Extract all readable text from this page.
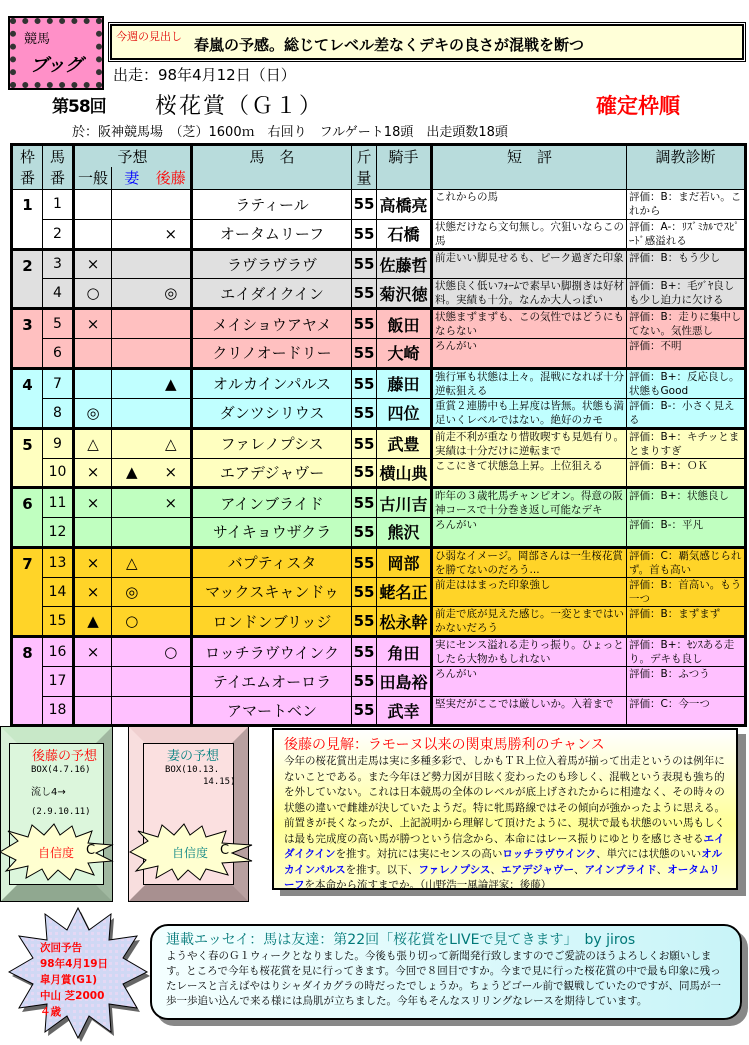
競馬
ブッグ
今週の見出し 春嵐の予感。総じてレベル差なくデキの良さが混戦を断つ
出走：98年4月12日（日）
第58回 桜花賞（Ｇ１）	確定枠順
於：阪神競馬場　（芝）1600ｍ　右回り　フルゲート18頭　出走頭数18頭
枠番	馬番	予想			馬　名	斤量	騎手	短　評	調教診断
		一般	妻	後藤					
1	1				ラティール	55	高橋亮	これからの馬	評価：B：まだ若い。これから
	2			×	オータムリーフ	55	石橋	状態だけなら文句無し。穴狙いならこの馬	評価：A-：ﾘｽﾞﾐｶﾙでｽﾋﾟｰﾄﾞ感溢れる
2	3	×			ラヴラヴラヴ	55	佐藤哲	前走いい脚見せるも、ピーク過ぎた印象	評価：B：もう少し
	4	○		◎	エイダイクイン	55	菊沢徳	状態良く低いﾌｫｰﾑで素早い脚捌きは好材料。実績も十分。なんか大人っぽい	評価：B+：毛ﾂﾞﾔ良しも少し迫力に欠ける
3	5	×			メイショウアヤメ	55	飯田	状態まずまずも、この気性ではどうにもならない	評価：B：走りに集中してない。気性悪し
	6				クリノオードリー	55	大崎	ろんがい	評価：不明
4	7			▲	オルカインパルス	55	藤田	強行軍も状態は上々。混戦になれば十分逆転狙える	評価：B+：反応良し。状態もGood
	8	◎			ダンツシリウス	55	四位	重賞２連勝中も上昇度は皆無。状態も満足いくレベルではない。絶好のカモ	評価：B-：小さく見える
5	9	△		△	ファレノプシス	55	武豊	前走不利が重なり惜敗喫すも見処有り。実績は十分だけに逆転まで	評価：B+：キチッとまとまりすぎ
	10	×	▲	×	エアデジャヴー	55	横山典	ここにきて状態急上昇。上位狙える	評価：B+：ＯＫ
6	11	×		×	アインブライド	55	古川吉	昨年の３歳牝馬チャンピオン。得意の阪神コースで十分巻き返し可能なデキ	評価：B+：状態良し
	12				サイキョウザクラ	55	熊沢	ろんがい	評価：B-：平凡
7	13	×	△		バプティスタ	55	岡部	ひ弱なイメージ。岡部さんは一生桜花賞を勝てないのだろう...	評価：C：覇気感じられず。首も高い
	14	×	◎		マックスキャンドゥ	55	蛯名正	前走ははまった印象強し	評価：B：首高い。もう一つ
	15	▲	○		ロンドンブリッジ	55	松永幹	前走で底が見えた感じ。一変とまではいかないだろう	評価：B：まずまず
8	16	×		○	ロッチラヴウインク	55	角田	実にセンス溢れる走りっ振り。ひょっとしたら大物かもしれない	評価：B+：ｾﾝｽある走り。デキも良し
	17				テイエムオーロラ	55	田島裕	ろんがい	評価：B：ふつう
	18				アマートベン	55	武幸	堅実だがここでは厳しいか。入着まで	評価：C：今一つ
後藤の予想
BOX(4.7.16)
流し4→
(2.9.10.11)
自信度 C
妻の予想
BOX(10.13.
14.15)
自信度 C
後藤の見解：ラモーヌ以来の関東馬勝利のチャンス
今年の桜花賞出走馬は実に多種多彩で、しかもＴＲ上位入着馬が揃って出走というのは例年にないことである。また今年ほど勢力図が目眩く変わったのも珍しく、混戦という表現も強ち的を外していない。これは日本競馬の全体のレベルが底上げされたからに相違なく、その時々の状態の違いで雌雄が決していたようだ。特に牝馬路線ではその傾向が強かったように思える。
前置きが長くなったが、上記説明から理解して頂けたように、現状で最も状態のいい馬もしくは最も完成度の高い馬が勝つという信念から、本命にはレース振りにゆとりを感じさせるエイダイクインを推す。対抗には実にセンスの高いロッチラヴウインク、単穴には状態のいいオルカインパルスを推す。以下、ファレノプシス、エアデジャヴー、アインブライド、オータムリーフを本命から流すまでか。（山野浩一風論評家：後藤）
次回予告
98年4月19日
皐月賞(G1)
中山 芝2000
４歳
連載エッセイ：馬は友達：第22回「桜花賞をLIVEで見てきます」　by jiros
ようやく春のＧ１ウィークとなりました。今後も張り切って新聞発行致しますのでご愛読のほうよろしくお願いします。ところで今年も桜花賞を見に行ってきます。今回で８回目ですか。今まで見に行った桜花賞の中で最も印象に残ったレースと言えばやはりシャダイカグラの時だったでしょうか。ちょうどゴール前で観戦していたのですが、同馬が一歩一歩追い込んで来る様には鳥肌が立ちました。今年もそんなスリリングなレースを期待しています。
